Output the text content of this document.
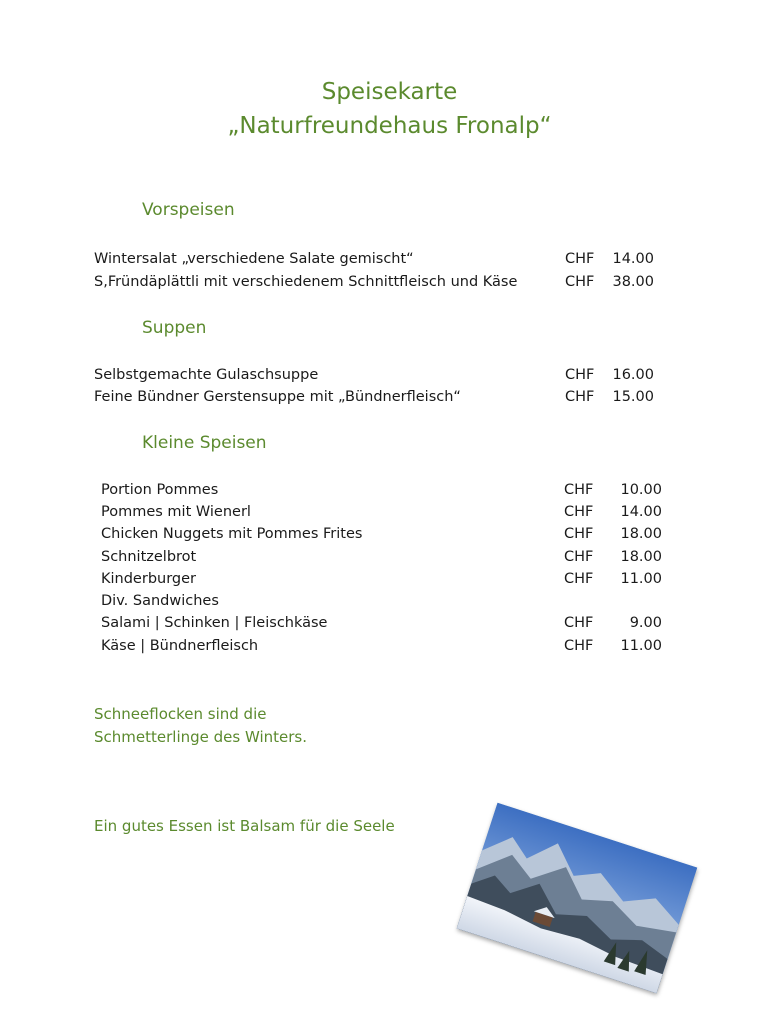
Speisekarte
„Naturfreundehaus Fronalp“
Vorspeisen
Wintersalat „verschiedene Salate gemischt“	CHF	14.00
S,Fründäplättli mit verschiedenem Schnittfleisch und Käse	CHF	38.00
Suppen
Selbstgemachte Gulaschsuppe	CHF	16.00
Feine Bündner Gerstensuppe mit „Bündnerfleisch“	CHF	15.00
Kleine Speisen
Portion Pommes	CHF	10.00
Pommes mit Wienerl	CHF	14.00
Chicken Nuggets mit Pommes Frites	CHF	18.00
Schnitzelbrot	CHF	18.00
Kinderburger	CHF	11.00
Div. Sandwiches
Salami | Schinken | Fleischkäse	CHF	9.00
Käse | Bündnerfleisch	CHF	11.00
Schneeflocken sind die
Schmetterlinge des Winters.
Ein gutes Essen ist Balsam für die Seele
